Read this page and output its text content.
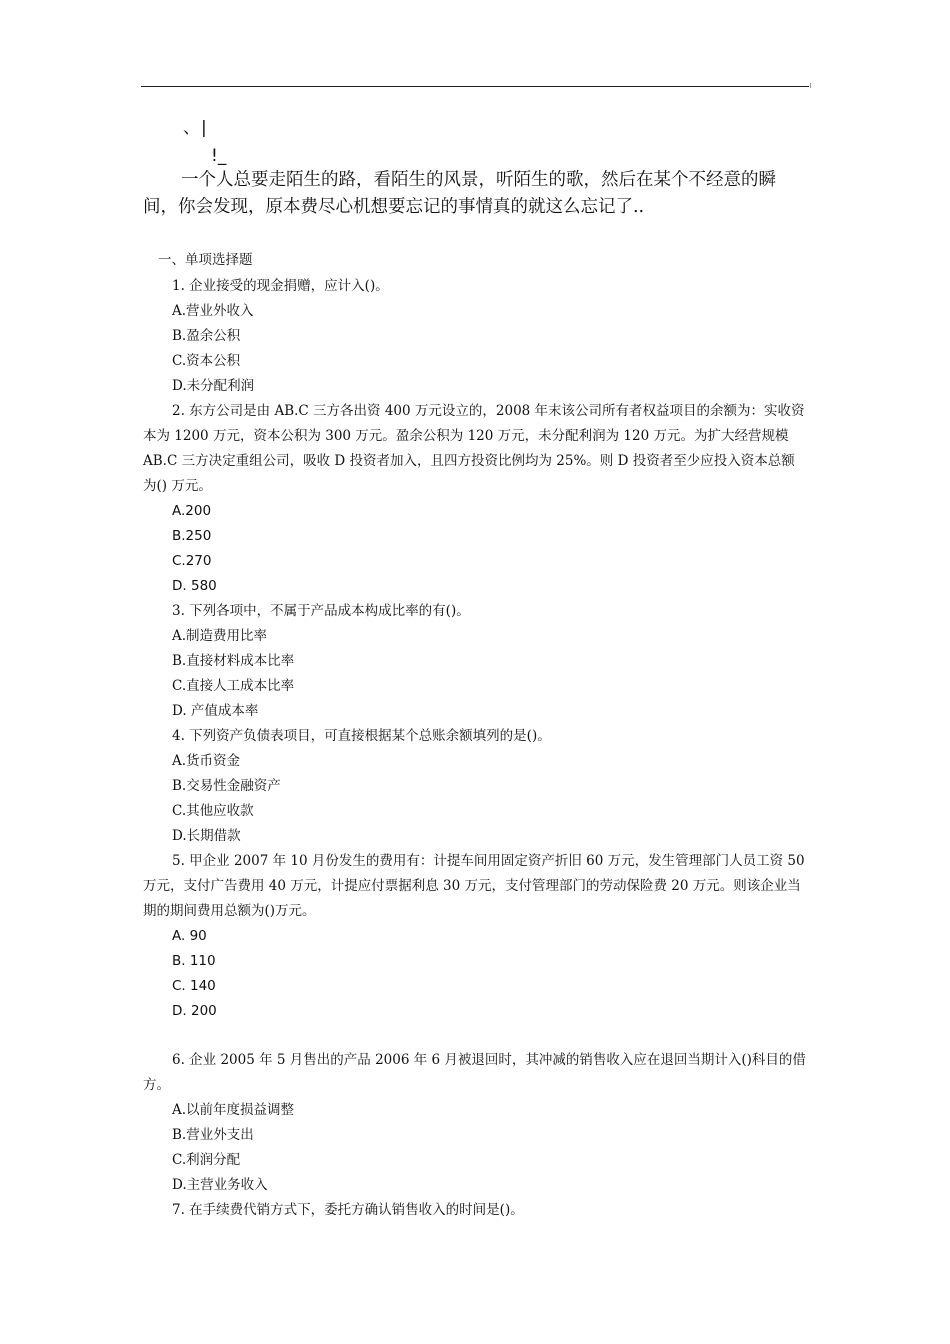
、 |
!_

一个人总要走陌生的路，看陌生的风景，听陌生的歌，然后在某个不经意的瞬间，你会发现，原本费尽心机想要忘记的事情真的就这么忘记了..

一、单项选择题

1. 企业接受的现金捐赠，应计入()。

A.营业外收入
B.盈余公积
C.资本公积
D.未分配利润

2. 东方公司是由 AB.C 三方各出资 400 万元设立的，2008 年末该公司所有者权益项目的余额为：实收资本为 1200 万元，资本公积为 300 万元。盈余公积为 120 万元，未分配利润为 120 万元。为扩大经营规模 AB.C 三方决定重组公司，吸收 D 投资者加入，且四方投资比例均为 25%。则 D 投资者至少应投入资本总额为() 万元。

A.200
B.250
C.270
D. 580

3. 下列各项中，不属于产品成本构成比率的有()。

A.制造费用比率
B.直接材料成本比率
C.直接人工成本比率
D. 产值成本率

4. 下列资产负债表项目，可直接根据某个总账余额填列的是()。

A.货币资金
B.交易性金融资产
C.其他应收款
D.长期借款

5. 甲企业 2007 年 10 月份发生的费用有：计提车间用固定资产折旧 60 万元，发生管理部门人员工资 50 万元，支付广告费用 40 万元，计提应付票据利息 30 万元，支付管理部门的劳动保险费 20 万元。则该企业当期的期间费用总额为()万元。

A. 90
B. 110
C. 140
D. 200

6. 企业 2005 年 5 月售出的产品 2006 年 6 月被退回时，其冲减的销售收入应在退回当期计入()科目的借方。

A.以前年度损益调整
B.营业外支出
C.利润分配
D.主营业务收入

7. 在手续费代销方式下，委托方确认销售收入的时间是()。
